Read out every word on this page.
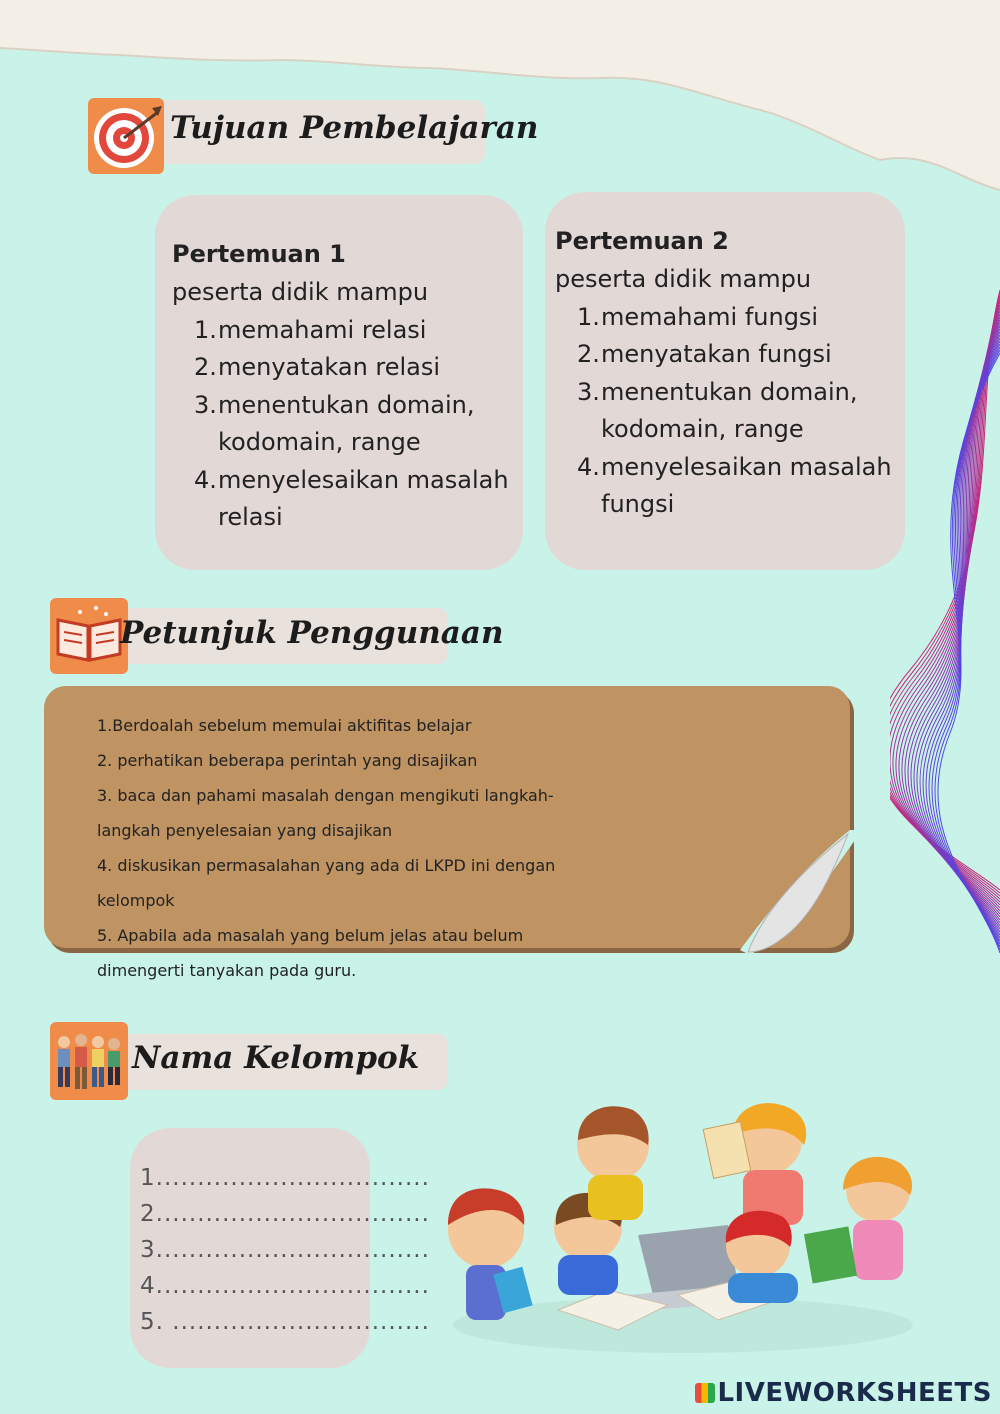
Tujuan Pembelajaran
Pertemuan 1
peserta didik mampu
1. memahami relasi
2. menyatakan relasi
3. menentukan domain,
kodomain, range
4. menyelesaikan masalah
relasi
Pertemuan 2
peserta didik mampu
1. memahami fungsi
2. menyatakan fungsi
3. menentukan domain,
kodomain, range
4. menyelesaikan masalah
fungsi
Petunjuk Penggunaan

1.Berdoalah sebelum memulai aktifitas belajar

2. perhatikan beberapa perintah yang disajikan

3. baca dan pahami masalah dengan mengikuti langkah-

langkah penyelesaian yang disajikan

4. diskusikan permasalahan yang ada di LKPD ini dengan

kelompok

5. Apabila ada masalah yang belum jelas atau belum

dimengerti tanyakan pada guru.

Nama Kelompok
1.................................
2.................................
3.................................
4.................................
5. ...............................
LIVEWORKSHEETS
